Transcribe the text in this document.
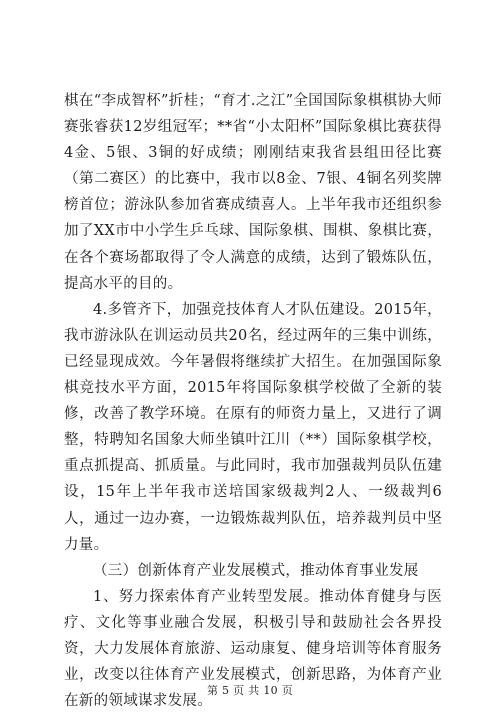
棋在“李成智杯”折桂；“育才.之江”全国国际象棋棋协大师赛张睿获12岁组冠军；**省“小太阳杯”国际象棋比赛获得4金、5银、3铜的好成绩；刚刚结束我省县组田径比赛（第二赛区）的比赛中，我市以8金、7银、4铜名列奖牌榜首位；游泳队参加省赛成绩喜人。上半年我市还组织参加了XX市中小学生乒乓球、国际象棋、围棋、象棋比赛，在各个赛场都取得了令人满意的成绩，达到了锻炼队伍，提高水平的目的。

4.多管齐下，加强竞技体育人才队伍建设。2015年，我市游泳队在训运动员共20名，经过两年的三集中训练，已经显现成效。今年暑假将继续扩大招生。在加强国际象棋竞技水平方面，2015年将国际象棋学校做了全新的装修，改善了教学环境。在原有的师资力量上，又进行了调整，特聘知名国象大师坐镇叶江川（**）国际象棋学校，重点抓提高、抓质量。与此同时，我市加强裁判员队伍建设，15年上半年我市送培国家级裁判2人、一级裁判6人，通过一边办赛，一边锻炼裁判队伍，培养裁判员中坚力量。

（三）创新体育产业发展模式，推动体育事业发展

1、努力探索体育产业转型发展。推动体育健身与医疗、文化等事业融合发展，积极引导和鼓励社会各界投资，大力发展体育旅游、运动康复、健身培训等体育服务业，改变以往体育产业发展模式，创新思路，为体育产业在新的领域谋求发展。

第 5 页 共 10 页
